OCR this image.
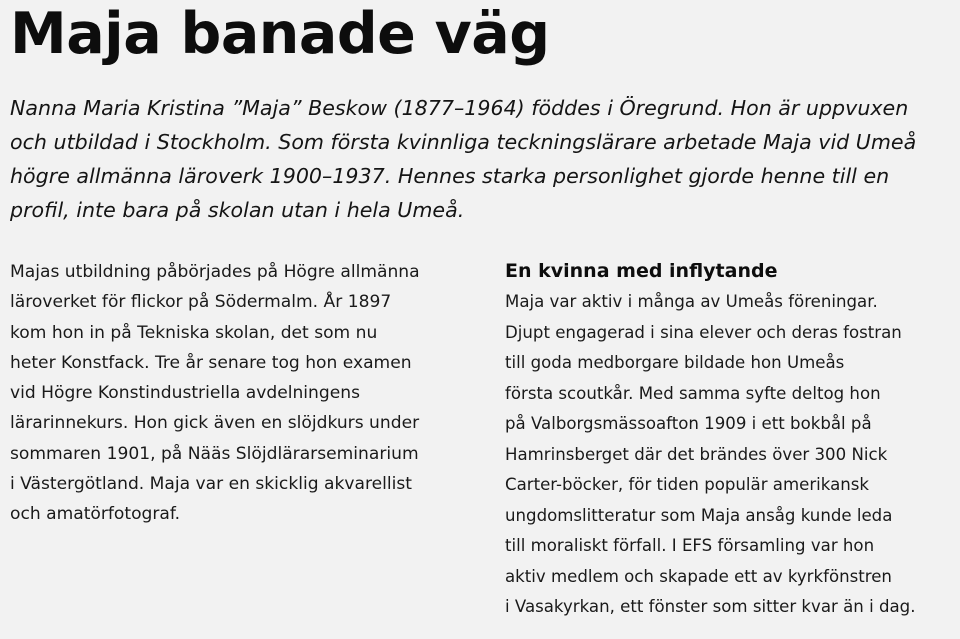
Maja banade väg

Nanna Maria Kristina ”Maja” Beskow (1877–1964) föddes i Öregrund. Hon är uppvuxen
och utbildad i Stockholm. Som första kvinnliga teckningslärare arbetade Maja vid Umeå
högre allmänna läroverk 1900–1937. Hennes starka personlighet gjorde henne till en
profil, inte bara på skolan utan i hela Umeå.

Majas utbildning påbörjades på Högre allmänna
läroverket för flickor på Södermalm. År 1897
kom hon in på Tekniska skolan, det som nu
heter Konstfack. Tre år senare tog hon examen
vid Högre Konstindustriella avdelningens
lärarinnekurs. Hon gick även en slöjdkurs under
sommaren 1901, på Nääs Slöjdlärarseminarium
i Västergötland. Maja var en skicklig akvarellist
och amatörfotograf.

En kvinna med inflytande

Maja var aktiv i många av Umeås föreningar.
Djupt engagerad i sina elever och deras fostran
till goda medborgare bildade hon Umeås
första scoutkår. Med samma syfte deltog hon
på Valborgsmässoafton 1909 i ett bokbål på
Hamrinsberget där det brändes över 300 Nick
Carter-böcker, för tiden populär amerikansk
ungdomslitteratur som Maja ansåg kunde leda
till moraliskt förfall. I EFS församling var hon
aktiv medlem och skapade ett av kyrkfönstren
i Vasakyrkan, ett fönster som sitter kvar än i dag.
